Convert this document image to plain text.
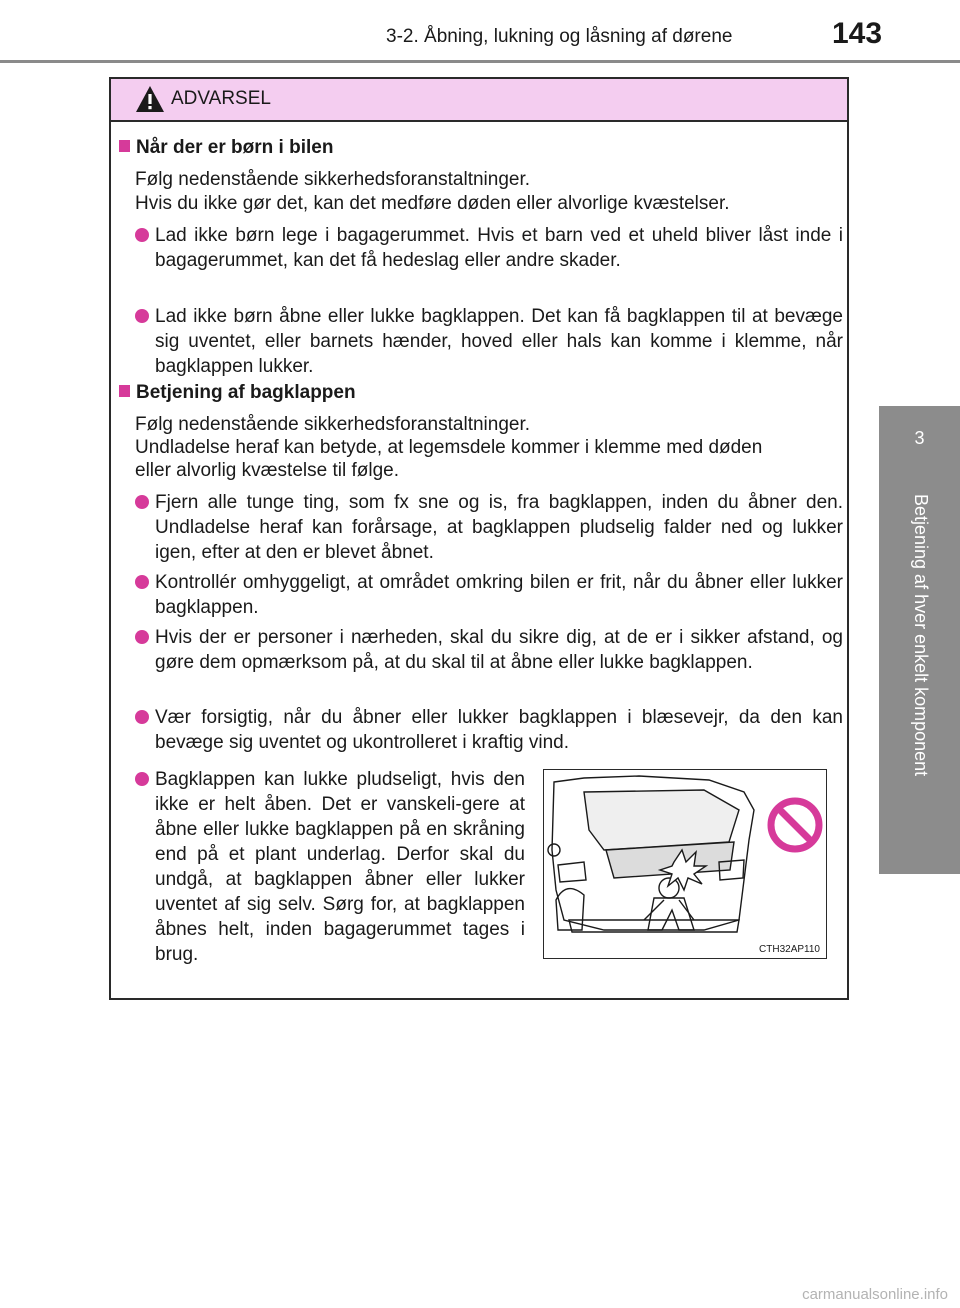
3-2. Åbning, lukning og låsning af dørene	143
3
Betjening af hver enkelt komponent
ADVARSEL
Når der er børn i bilen

Følg nedenstående sikkerhedsforanstaltninger.

Hvis du ikke gør det, kan det medføre døden eller alvorlige kvæstelser.

Lad ikke børn lege i bagagerummet. Hvis et barn ved et uheld bliver låst inde i bagagerummet, kan det få hedeslag eller andre skader.
Lad ikke børn åbne eller lukke bagklappen. Det kan få bagklappen til at bevæge sig uventet, eller barnets hænder, hoved eller hals kan komme i klemme, når bagklappen lukker.
Betjening af bagklappen

Følg nedenstående sikkerhedsforanstaltninger.

Undladelse heraf kan betyde, at legemsdele kommer i klemme med døden

eller alvorlig kvæstelse til følge.

Fjern alle tunge ting, som fx sne og is, fra bagklappen, inden du åbner den. Undladelse heraf kan forårsage, at bagklappen pludselig falder ned og lukker igen, efter at den er blevet åbnet.
Kontrollér omhyggeligt, at området omkring bilen er frit, når du åbner eller lukker bagklappen.
Hvis der er personer i nærheden, skal du sikre dig, at de er i sikker afstand, og gøre dem opmærksom på, at du skal til at åbne eller lukke bagklappen.
Vær forsigtig, når du åbner eller lukker bagklappen i blæsevejr, da den kan bevæge sig uventet og ukontrolleret i kraftig vind.
Bagklappen kan lukke pludseligt, hvis den ikke er helt åben. Det er vanskeli-gere at åbne eller lukke bagklappen på en skråning end på et plant underlag. Derfor skal du undgå, at bagklappen åbner eller lukker uventet af sig selv. Sørg for, at bagklappen åbnes helt, inden bagagerummet tages i brug.	CTH32AP110
carmanualsonline.info
